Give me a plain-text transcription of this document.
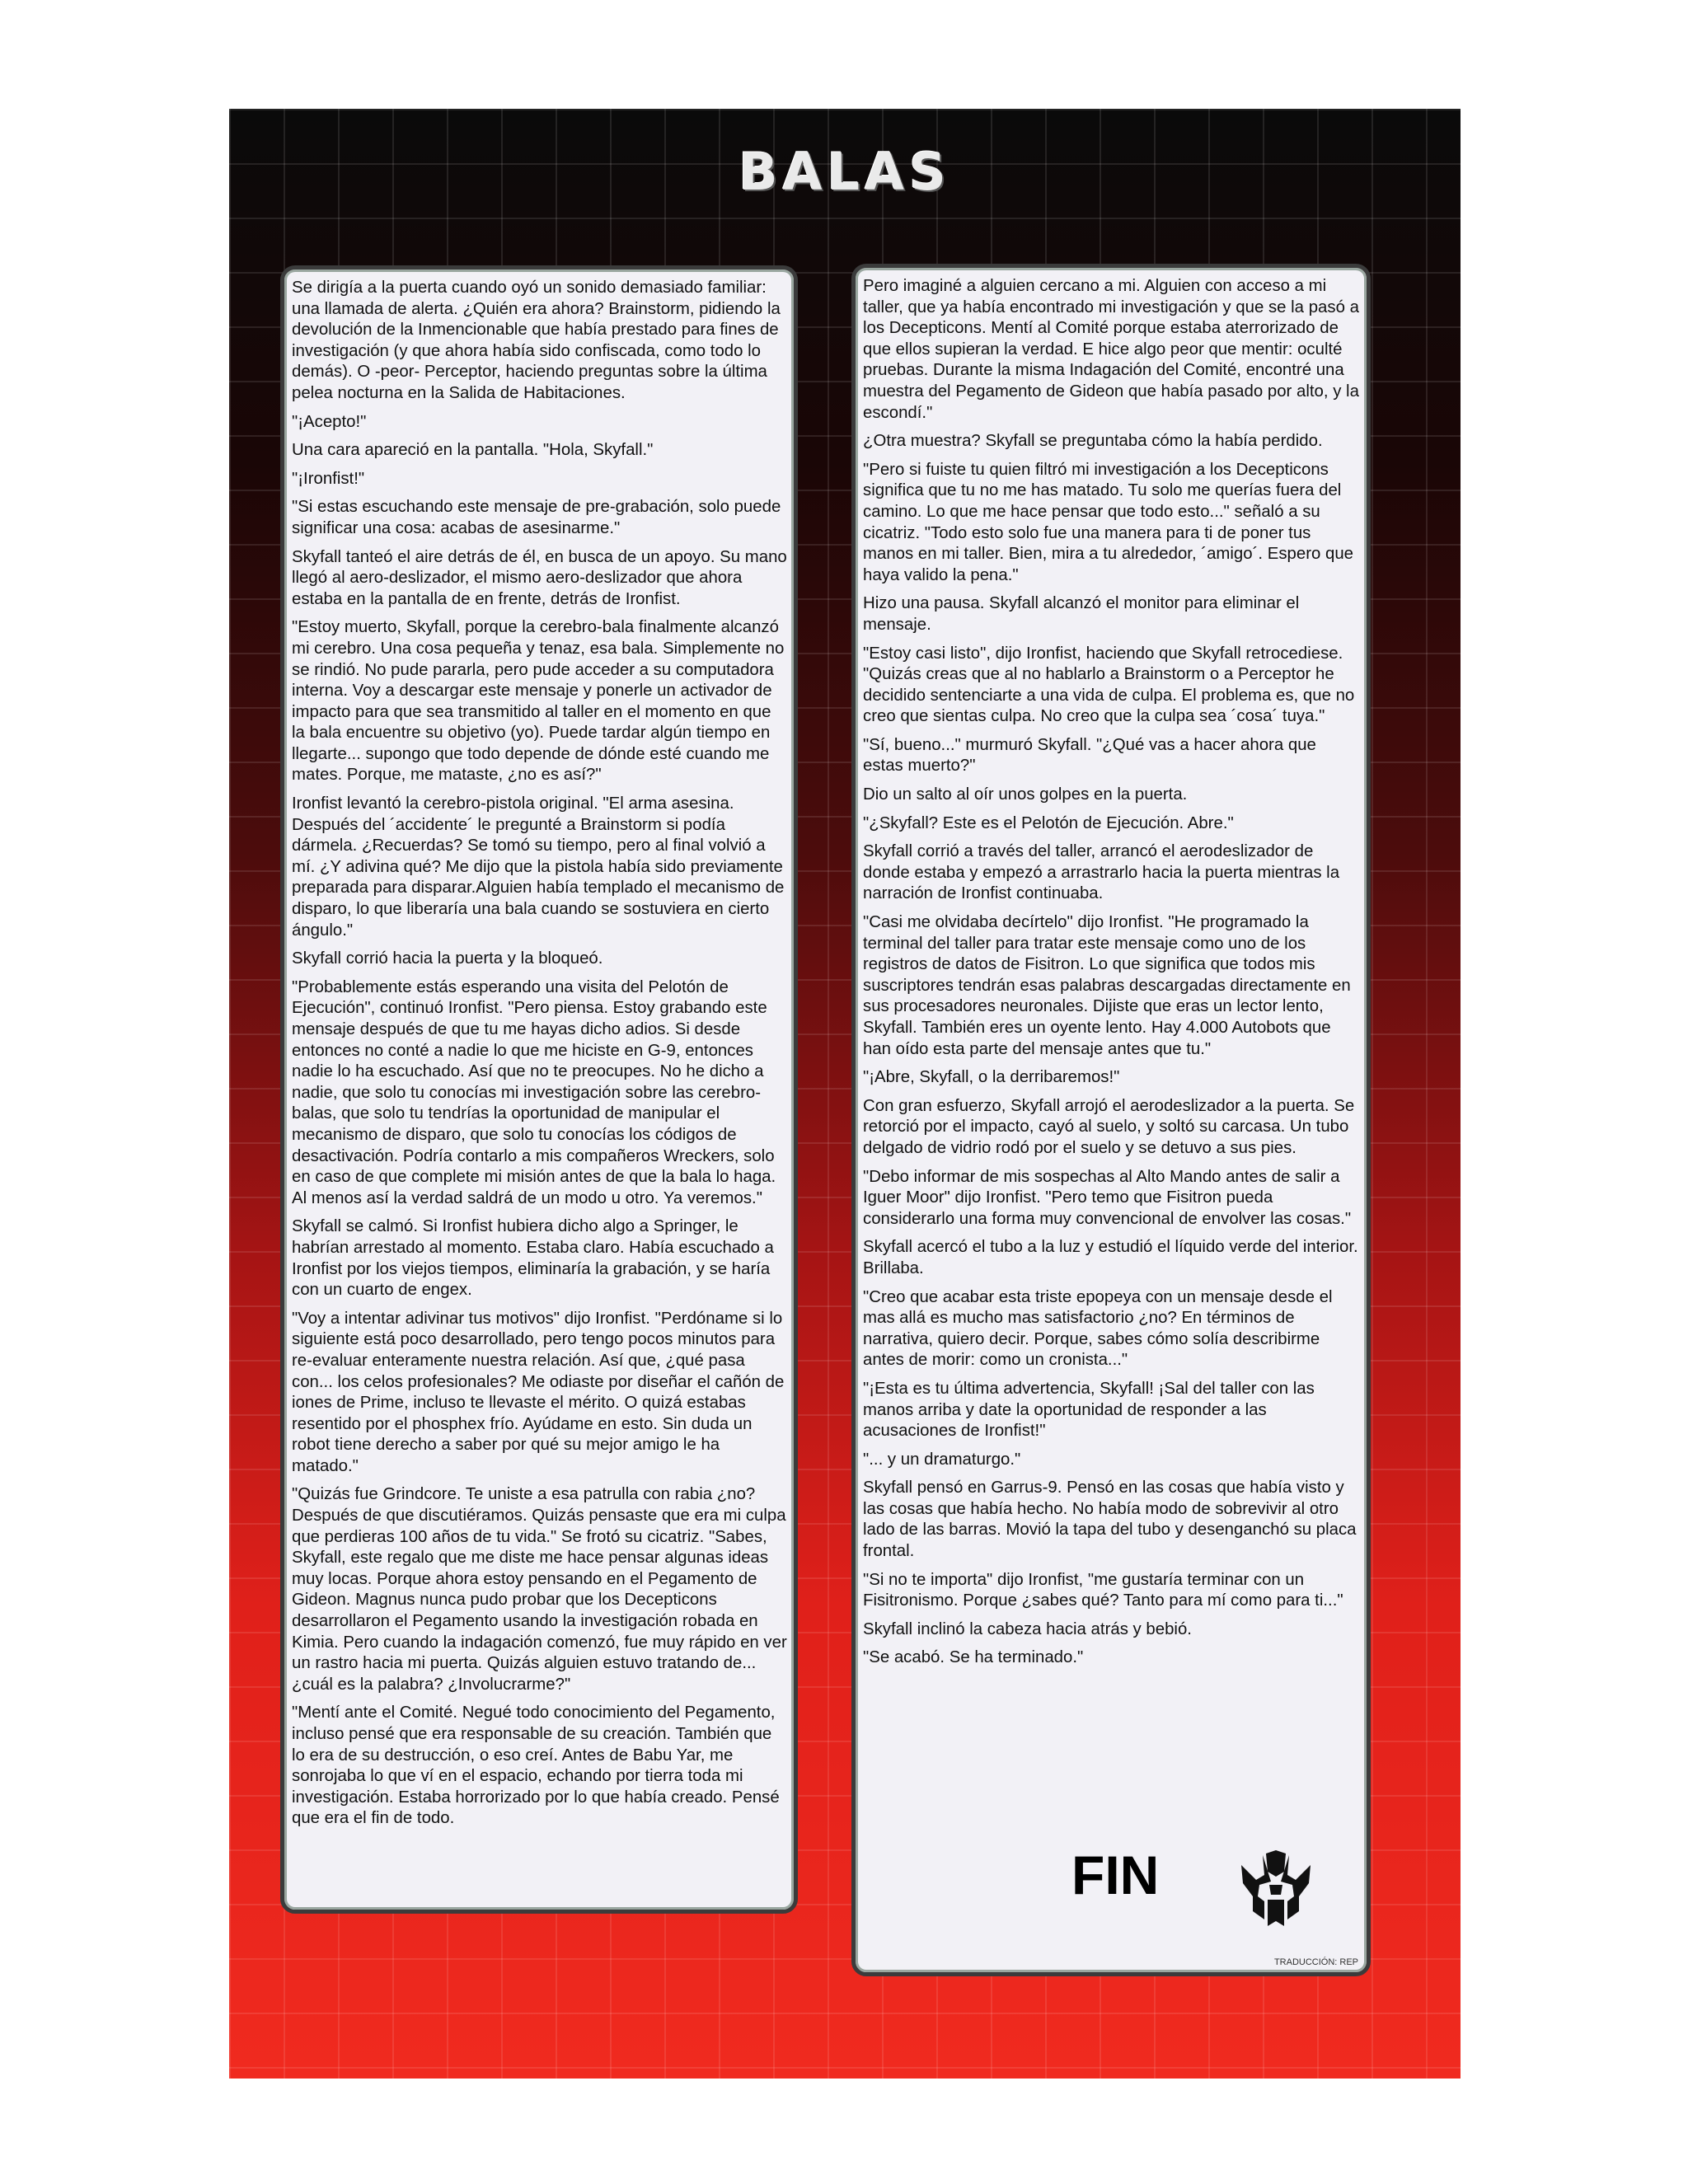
BALAS

Se dirigía a la puerta cuando oyó un sonido demasiado familiar: una llamada de alerta. ¿Quién era ahora? Brainstorm, pidiendo la devolución de la Inmencionable que había prestado para fines de investigación (y que ahora había sido confiscada, como todo lo demás). O -peor- Perceptor, haciendo preguntas sobre la última pelea nocturna en la Salida de Habitaciones.

"¡Acepto!"

Una cara apareció en la pantalla. "Hola, Skyfall."

"¡Ironfist!"

"Si estas escuchando este mensaje de pre-grabación, solo puede significar una cosa: acabas de asesinarme."

Skyfall tanteó el aire detrás de él, en busca de un apoyo. Su mano llegó al aero-deslizador, el mismo aero-deslizador que ahora estaba en la pantalla de en frente, detrás de Ironfist.

"Estoy muerto, Skyfall, porque la cerebro-bala finalmente alcanzó mi cerebro. Una cosa pequeña y tenaz, esa bala. Simplemente no se rindió. No pude pararla, pero pude acceder a su computadora interna. Voy a descargar este mensaje y ponerle un activador de impacto para que sea transmitido al taller en el momento en que la bala encuentre su objetivo (yo). Puede tardar algún tiempo en llegarte... supongo que todo depende de dónde esté cuando me mates. Porque, me mataste, ¿no es así?"

Ironfist levantó la cerebro-pistola original. "El arma asesina. Después del ´accidente´ le pregunté a Brainstorm si podía dármela. ¿Recuerdas? Se tomó su tiempo, pero al final volvió a mí. ¿Y adivina qué? Me dijo que la pistola había sido previamente preparada para disparar.Alguien había templado el mecanismo de disparo, lo que liberaría una bala cuando se sostuviera en cierto ángulo."

Skyfall corrió hacia la puerta y la bloqueó.

"Probablemente estás esperando una visita del Pelotón de Ejecución", continuó Ironfist. "Pero piensa. Estoy grabando este mensaje después de que tu me hayas dicho adios. Si desde entonces no conté a nadie lo que me hiciste en G-9, entonces nadie lo ha escuchado. Así que no te preocupes. No he dicho a nadie, que solo tu conocías mi investigación sobre las cerebro-balas, que solo tu tendrías la oportunidad de manipular el mecanismo de disparo, que solo tu conocías los códigos de desactivación. Podría contarlo a mis compañeros Wreckers, solo en caso de que complete mi misión antes de que la bala lo haga. Al menos así la verdad saldrá de un modo u otro. Ya veremos."

Skyfall se calmó. Si Ironfist hubiera dicho algo a Springer, le habrían arrestado al momento. Estaba claro. Había escuchado a Ironfist por los viejos tiempos, eliminaría la grabación, y se haría con un cuarto de engex.

"Voy a intentar adivinar tus motivos" dijo Ironfist. "Perdóname si lo siguiente está poco desarrollado, pero tengo pocos minutos para re-evaluar enteramente nuestra relación. Así que, ¿qué pasa con... los celos profesionales? Me odiaste por diseñar el cañón de iones de Prime, incluso te llevaste el mérito. O quizá estabas resentido por el phosphex frío. Ayúdame en esto. Sin duda un robot tiene derecho a saber por qué su mejor amigo le ha matado."

"Quizás fue Grindcore. Te uniste a esa patrulla con rabia ¿no? Después de que discutiéramos. Quizás pensaste que era mi culpa que perdieras 100 años de tu vida." Se frotó su cicatriz. "Sabes, Skyfall, este regalo que me diste me hace pensar algunas ideas muy locas. Porque ahora estoy pensando en el Pegamento de Gideon. Magnus nunca pudo probar que los Decepticons desarrollaron el Pegamento usando la investigación robada en Kimia. Pero cuando la indagación comenzó, fue muy rápido en ver un rastro hacia mi puerta. Quizás alguien estuvo tratando de... ¿cuál es la palabra? ¿Involucrarme?"

"Mentí ante el Comité. Negué todo conocimiento del Pegamento, incluso pensé que era responsable de su creación. También que lo era de su destrucción, o eso creí. Antes de Babu Yar, me sonrojaba lo que ví en el espacio, echando por tierra toda mi investigación. Estaba horrorizado por lo que había creado. Pensé que era el fin de todo.

Pero imaginé a alguien cercano a mi. Alguien con acceso a mi taller, que ya había encontrado mi investigación y que se la pasó a los Decepticons. Mentí al Comité porque estaba aterrorizado de que ellos supieran la verdad. E hice algo peor que mentir: oculté pruebas. Durante la misma Indagación del Comité, encontré una muestra del Pegamento de Gideon que había pasado por alto, y la escondí."

¿Otra muestra? Skyfall se preguntaba cómo la había perdido.

"Pero si fuiste tu quien filtró mi investigación a los Decepticons significa que tu no me has matado. Tu solo me querías fuera del camino. Lo que me hace pensar que todo esto..." señaló a su cicatriz. "Todo esto solo fue una manera para ti de poner tus manos en mi taller. Bien, mira a tu alrededor, ´amigo´. Espero que haya valido la pena."

Hizo una pausa. Skyfall alcanzó el monitor para eliminar el mensaje.

"Estoy casi listo", dijo Ironfist, haciendo que Skyfall retrocediese. "Quizás creas que al no hablarlo a Brainstorm o a Perceptor he decidido sentenciarte a una vida de culpa. El problema es, que no creo que sientas culpa. No creo que la culpa sea ´cosa´ tuya."

"Sí, bueno..." murmuró Skyfall. "¿Qué vas a hacer ahora que estas muerto?"

Dio un salto al oír unos golpes en la puerta.

"¿Skyfall? Este es el Pelotón de Ejecución. Abre."

Skyfall corrió a través del taller, arrancó el aerodeslizador de donde estaba y empezó a arrastrarlo hacia la puerta mientras la narración de Ironfist continuaba.

"Casi me olvidaba decírtelo" dijo Ironfist. "He programado la terminal del taller para tratar este mensaje como uno de los registros de datos de Fisitron. Lo que significa que todos mis suscriptores tendrán esas palabras descargadas directamente en sus procesadores neuronales. Dijiste que eras un lector lento, Skyfall. También eres un oyente lento. Hay 4.000 Autobots que han oído esta parte del mensaje antes que tu."

"¡Abre, Skyfall, o la derribaremos!"

Con gran esfuerzo, Skyfall arrojó el aerodeslizador a la puerta. Se retorció por el impacto, cayó al suelo, y soltó su carcasa. Un tubo delgado de vidrio rodó por el suelo y se detuvo a sus pies.

"Debo informar de mis sospechas al Alto Mando antes de salir a Iguer Moor" dijo Ironfist. "Pero temo que Fisitron pueda considerarlo una forma muy convencional de envolver las cosas."

Skyfall acercó el tubo a la luz y estudió el líquido verde del interior. Brillaba.

"Creo que acabar esta triste epopeya con un mensaje desde el mas allá es mucho mas satisfactorio ¿no? En términos de narrativa, quiero decir. Porque, sabes cómo solía describirme antes de morir: como un cronista..."

"¡Esta es tu última advertencia, Skyfall! ¡Sal del taller con las manos arriba y date la oportunidad de responder a las acusaciones de Ironfist!"

"... y un dramaturgo."

Skyfall pensó en Garrus-9. Pensó en las cosas que había visto y las cosas que había hecho. No había modo de sobrevivir al otro lado de las barras. Movió la tapa del tubo y desenganchó su placa frontal.

"Si no te importa" dijo Ironfist, "me gustaría terminar con un Fisitronismo. Porque ¿sabes qué? Tanto para mí como para ti..."

Skyfall inclinó la cabeza hacia atrás y bebió.

"Se acabó. Se ha terminado."

FIN
TRADUCCIÓN: REP
